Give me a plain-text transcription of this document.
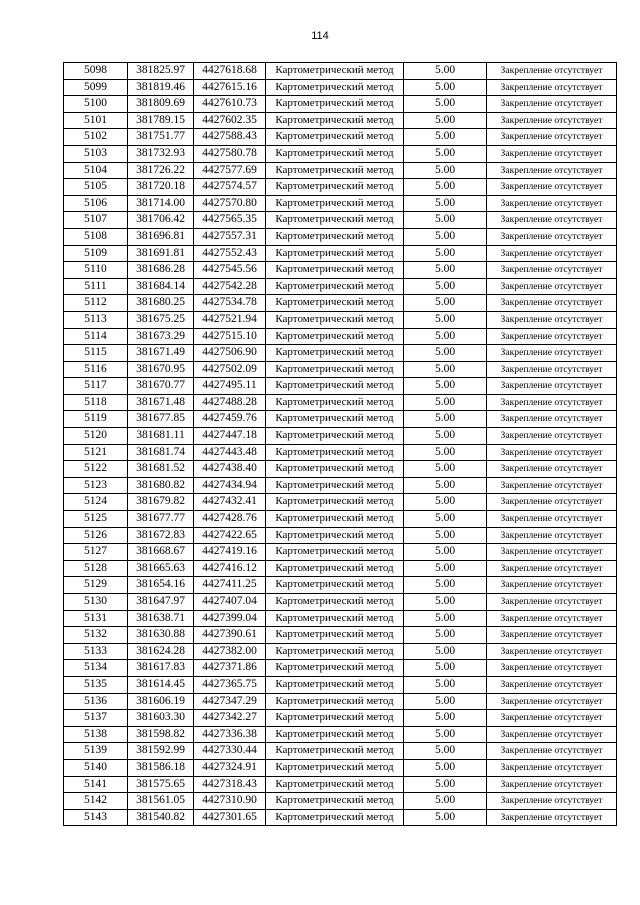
114
5098	381825.97	4427618.68	Картометрический метод	5.00	Закрепление отсутствует
5099	381819.46	4427615.16	Картометрический метод	5.00	Закрепление отсутствует
5100	381809.69	4427610.73	Картометрический метод	5.00	Закрепление отсутствует
5101	381789.15	4427602.35	Картометрический метод	5.00	Закрепление отсутствует
5102	381751.77	4427588.43	Картометрический метод	5.00	Закрепление отсутствует
5103	381732.93	4427580.78	Картометрический метод	5.00	Закрепление отсутствует
5104	381726.22	4427577.69	Картометрический метод	5.00	Закрепление отсутствует
5105	381720.18	4427574.57	Картометрический метод	5.00	Закрепление отсутствует
5106	381714.00	4427570.80	Картометрический метод	5.00	Закрепление отсутствует
5107	381706.42	4427565.35	Картометрический метод	5.00	Закрепление отсутствует
5108	381696.81	4427557.31	Картометрический метод	5.00	Закрепление отсутствует
5109	381691.81	4427552.43	Картометрический метод	5.00	Закрепление отсутствует
5110	381686.28	4427545.56	Картометрический метод	5.00	Закрепление отсутствует
5111	381684.14	4427542.28	Картометрический метод	5.00	Закрепление отсутствует
5112	381680.25	4427534.78	Картометрический метод	5.00	Закрепление отсутствует
5113	381675.25	4427521.94	Картометрический метод	5.00	Закрепление отсутствует
5114	381673.29	4427515.10	Картометрический метод	5.00	Закрепление отсутствует
5115	381671.49	4427506.90	Картометрический метод	5.00	Закрепление отсутствует
5116	381670.95	4427502.09	Картометрический метод	5.00	Закрепление отсутствует
5117	381670.77	4427495.11	Картометрический метод	5.00	Закрепление отсутствует
5118	381671.48	4427488.28	Картометрический метод	5.00	Закрепление отсутствует
5119	381677.85	4427459.76	Картометрический метод	5.00	Закрепление отсутствует
5120	381681.11	4427447.18	Картометрический метод	5.00	Закрепление отсутствует
5121	381681.74	4427443.48	Картометрический метод	5.00	Закрепление отсутствует
5122	381681.52	4427438.40	Картометрический метод	5.00	Закрепление отсутствует
5123	381680.82	4427434.94	Картометрический метод	5.00	Закрепление отсутствует
5124	381679.82	4427432.41	Картометрический метод	5.00	Закрепление отсутствует
5125	381677.77	4427428.76	Картометрический метод	5.00	Закрепление отсутствует
5126	381672.83	4427422.65	Картометрический метод	5.00	Закрепление отсутствует
5127	381668.67	4427419.16	Картометрический метод	5.00	Закрепление отсутствует
5128	381665.63	4427416.12	Картометрический метод	5.00	Закрепление отсутствует
5129	381654.16	4427411.25	Картометрический метод	5.00	Закрепление отсутствует
5130	381647.97	4427407.04	Картометрический метод	5.00	Закрепление отсутствует
5131	381638.71	4427399.04	Картометрический метод	5.00	Закрепление отсутствует
5132	381630.88	4427390.61	Картометрический метод	5.00	Закрепление отсутствует
5133	381624.28	4427382.00	Картометрический метод	5.00	Закрепление отсутствует
5134	381617.83	4427371.86	Картометрический метод	5.00	Закрепление отсутствует
5135	381614.45	4427365.75	Картометрический метод	5.00	Закрепление отсутствует
5136	381606.19	4427347.29	Картометрический метод	5.00	Закрепление отсутствует
5137	381603.30	4427342.27	Картометрический метод	5.00	Закрепление отсутствует
5138	381598.82	4427336.38	Картометрический метод	5.00	Закрепление отсутствует
5139	381592.99	4427330.44	Картометрический метод	5.00	Закрепление отсутствует
5140	381586.18	4427324.91	Картометрический метод	5.00	Закрепление отсутствует
5141	381575.65	4427318.43	Картометрический метод	5.00	Закрепление отсутствует
5142	381561.05	4427310.90	Картометрический метод	5.00	Закрепление отсутствует
5143	381540.82	4427301.65	Картометрический метод	5.00	Закрепление отсутствует
